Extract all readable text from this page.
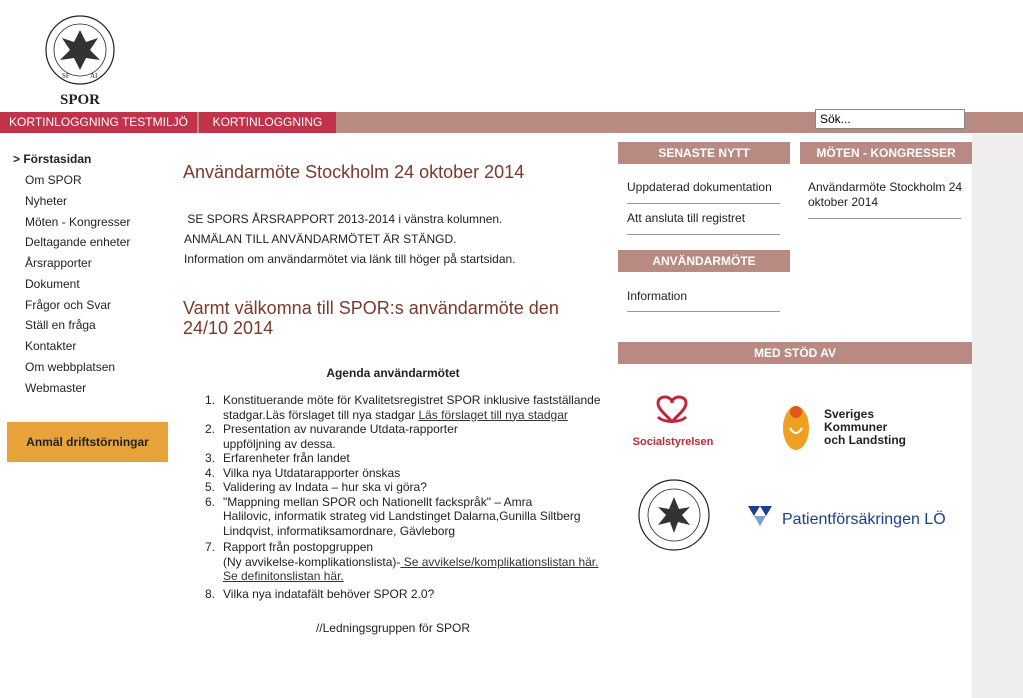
SF	AI
SPOR
KORTINLOGGNING TESTMILJÖ	KORTINLOGGNING
Sök...
> Förstasidan
Om SPOR
Nyheter
Möten - Kongresser
Deltagande enheter
Årsrapporter
Dokument
Frågor och Svar
Ställ en fråga
Kontakter
Om webbplatsen
Webmaster
Anmäl driftstörningar
Användarmöte Stockholm 24 oktober 2014
SE SPORS ÅRSRAPPORT 2013-2014 i vänstra kolumnen.
ANMÄLAN TILL ANVÄNDARMÖTET ÄR STÄNGD.
Information om användarmötet via länk till höger på startsidan.
Varmt välkomna till SPOR:s användarmöte den 24/10 2014
Agenda användarmötet
1. Konstituerande möte för Kvalitetsregistret SPOR inklusive fastställande stadgar.Läs förslaget till nya stadgar Läs förslaget till nya stadgar
2. Presentation av nuvarande Utdata-rapporter uppföljning av dessa.
3. Erfarenheter från landet
4. Vilka nya Utdatarapporter önskas
5. Validering av Indata – hur ska vi göra?
6. "Mappning mellan SPOR och Nationellt fackspråk" – Amra Halilovic, informatik strateg vid Landstinget Dalarna,Gunilla Siltberg Lindqvist, informatiksamordnare, Gävleborg
7. Rapport från postopgruppen
(Ny avvikelse-komplikationslista)- Se avvikelse/komplikationslistan här.
Se definitonslistan här.
8. Vilka nya indatafält behöver SPOR 2.0?
//Ledningsgruppen för SPOR
SENASTE NYTT
Uppdaterad dokumentation
Att ansluta till registret
ANVÄNDARMÖTE
Information
MÖTEN - KONGRESSER
Användarmöte Stockholm 24 oktober 2014
MED STÖD AV
Socialstyrelsen
Sveriges
Kommuner
och Landsting
Patientförsäkringen LÖF
